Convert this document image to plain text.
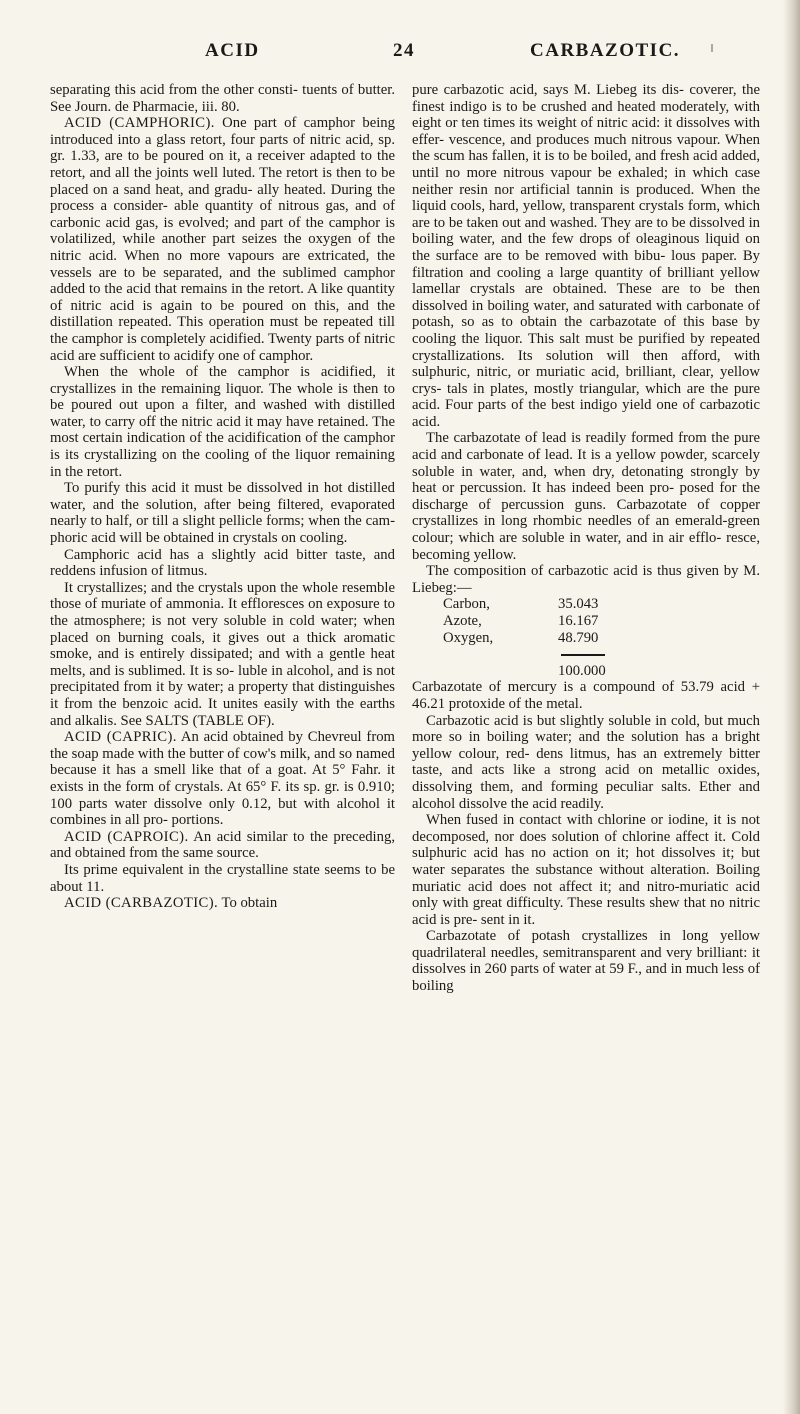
ACID	24	CARBAZOTIC.

separating this acid from the other consti- tuents of butter. See Journ. de Pharmacie, iii. 80.

ACID (CAMPHORIC). One part of camphor being introduced into a glass retort, four parts of nitric acid, sp. gr. 1.33, are to be poured on it, a receiver adapted to the retort, and all the joints well luted. The retort is then to be placed on a sand heat, and gradu- ally heated. During the process a consider- able quantity of nitrous gas, and of carbonic acid gas, is evolved; and part of the camphor is volatilized, while another part seizes the oxygen of the nitric acid. When no more vapours are extricated, the vessels are to be separated, and the sublimed camphor added to the acid that remains in the retort. A like quantity of nitric acid is again to be poured on this, and the distillation repeated. This operation must be repeated till the camphor is completely acidified. Twenty parts of nitric acid are sufficient to acidify one of camphor.

When the whole of the camphor is acidified, it crystallizes in the remaining liquor. The whole is then to be poured out upon a filter, and washed with distilled water, to carry off the nitric acid it may have retained. The most certain indication of the acidification of the camphor is its crystallizing on the cooling of the liquor remaining in the retort.

To purify this acid it must be dissolved in hot distilled water, and the solution, after being filtered, evaporated nearly to half, or till a slight pellicle forms; when the cam- phoric acid will be obtained in crystals on cooling.

Camphoric acid has a slightly acid bitter taste, and reddens infusion of litmus.

It crystallizes; and the crystals upon the whole resemble those of muriate of ammonia. It effloresces on exposure to the atmosphere; is not very soluble in cold water; when placed on burning coals, it gives out a thick aromatic smoke, and is entirely dissipated; and with a gentle heat melts, and is sublimed. It is so- luble in alcohol, and is not precipitated from it by water; a property that distinguishes it from the benzoic acid. It unites easily with the earths and alkalis. See SALTS (TABLE OF).

ACID (CAPRIC). An acid obtained by Chevreul from the soap made with the butter of cow's milk, and so named because it has a smell like that of a goat. At 5° Fahr. it exists in the form of crystals. At 65° F. its sp. gr. is 0.910; 100 parts water dissolve only 0.12, but with alcohol it combines in all pro- portions.

ACID (CAPROIC). An acid similar to the preceding, and obtained from the same source.

Its prime equivalent in the crystalline state seems to be about 11.

ACID (CARBAZOTIC). To obtain

pure carbazotic acid, says M. Liebeg its dis- coverer, the finest indigo is to be crushed and heated moderately, with eight or ten times its weight of nitric acid: it dissolves with effer- vescence, and produces much nitrous vapour. When the scum has fallen, it is to be boiled, and fresh acid added, until no more nitrous vapour be exhaled; in which case neither resin nor artificial tannin is produced. When the liquid cools, hard, yellow, transparent crystals form, which are to be taken out and washed. They are to be dissolved in boiling water, and the few drops of oleaginous liquid on the surface are to be removed with bibu- lous paper. By filtration and cooling a large quantity of brilliant yellow lamellar crystals are obtained. These are to be then dissolved in boiling water, and saturated with carbonate of potash, so as to obtain the carbazotate of this base by cooling the liquor. This salt must be purified by repeated crystallizations. Its solution will then afford, with sulphuric, nitric, or muriatic acid, brilliant, clear, yellow crys- tals in plates, mostly triangular, which are the pure acid. Four parts of the best indigo yield one of carbazotic acid.

The carbazotate of lead is readily formed from the pure acid and carbonate of lead. It is a yellow powder, scarcely soluble in water, and, when dry, detonating strongly by heat or percussion. It has indeed been pro- posed for the discharge of percussion guns. Carbazotate of copper crystallizes in long rhombic needles of an emerald-green colour; which are soluble in water, and in air efflo- resce, becoming yellow.

The composition of carbazotic acid is thus given by M. Liebeg:—

Carbon,	35.043
Azote,	16.167
Oxygen,	48.790

100.000

Carbazotate of mercury is a compound of 53.79 acid + 46.21 protoxide of the metal.

Carbazotic acid is but slightly soluble in cold, but much more so in boiling water; and the solution has a bright yellow colour, red- dens litmus, has an extremely bitter taste, and acts like a strong acid on metallic oxides, dissolving them, and forming peculiar salts. Ether and alcohol dissolve the acid readily.

When fused in contact with chlorine or iodine, it is not decomposed, nor does solution of chlorine affect it. Cold sulphuric acid has no action on it; hot dissolves it; but water separates the substance without alteration. Boiling muriatic acid does not affect it; and nitro-muriatic acid only with great difficulty. These results shew that no nitric acid is pre- sent in it.

Carbazotate of potash crystallizes in long yellow quadrilateral needles, semitransparent and very brilliant: it dissolves in 260 parts of water at 59 F., and in much less of boiling
